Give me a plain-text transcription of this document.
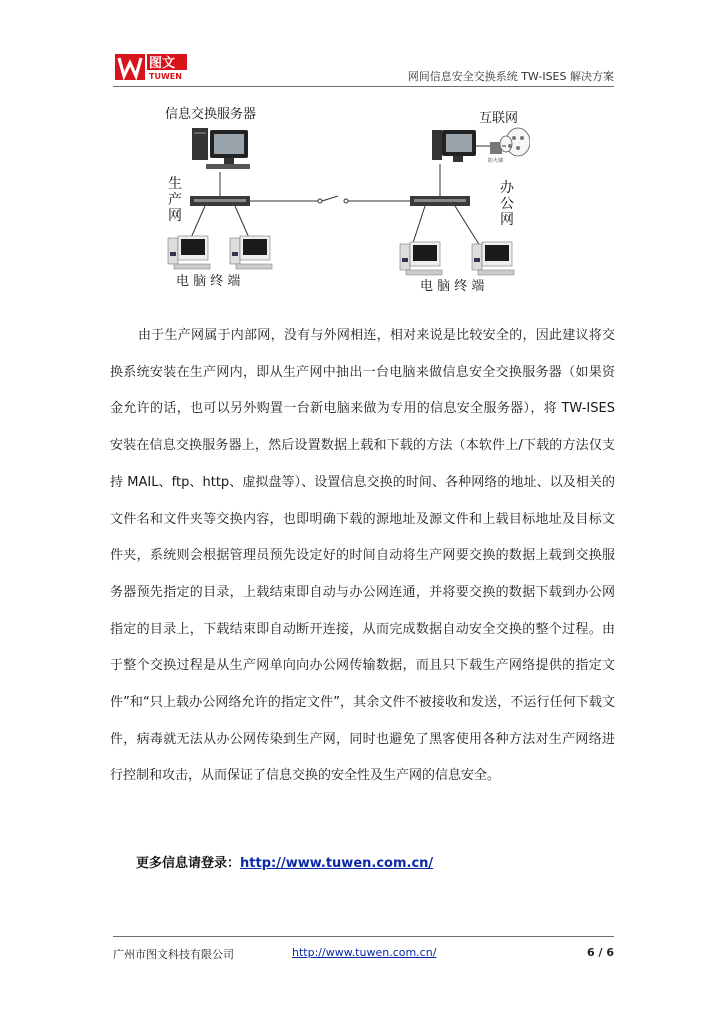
图文
TUWEN	网间信息安全交换系统 TW-ISES 解决方案
信息交换服务器
生
产
网
防火墙
互联网
办
公
网
电 脑 终 端	电 脑 终 端

由于生产网属于内部网，没有与外网相连，相对来说是比较安全的，因此建议将交换系统安装在生产网内，即从生产网中抽出一台电脑来做信息安全交换服务器（如果资金允许的话，也可以另外购置一台新电脑来做为专用的信息安全服务器），将 TW-ISES 安装在信息交换服务器上，然后设置数据上载和下载的方法（本软件上/下载的方法仅支持 MAIL、ftp、http、虚拟盘等）、设置信息交换的时间、各种网络的地址、以及相关的文件名和文件夹等交换内容，也即明确下载的源地址及源文件和上载目标地址及目标文件夹，系统则会根据管理员预先设定好的时间自动将生产网要交换的数据上载到交换服务器预先指定的目录，上载结束即自动与办公网连通，并将要交换的数据下载到办公网指定的目录上，下载结束即自动断开连接，从而完成数据自动安全交换的整个过程。由于整个交换过程是从生产网单向向办公网传输数据，而且只下载生产网络提供的指定文件”和“只上载办公网络允许的指定文件”，其余文件不被接收和发送，不运行任何下载文件，病毒就无法从办公网传染到生产网，同时也避免了黑客使用各种方法对生产网络进行控制和攻击，从而保证了信息交换的安全性及生产网的信息安全。

更多信息请登录：http://www.tuwen.com.cn/
广州市图文科技有限公司	http://www.tuwen.com.cn/	6 / 6
